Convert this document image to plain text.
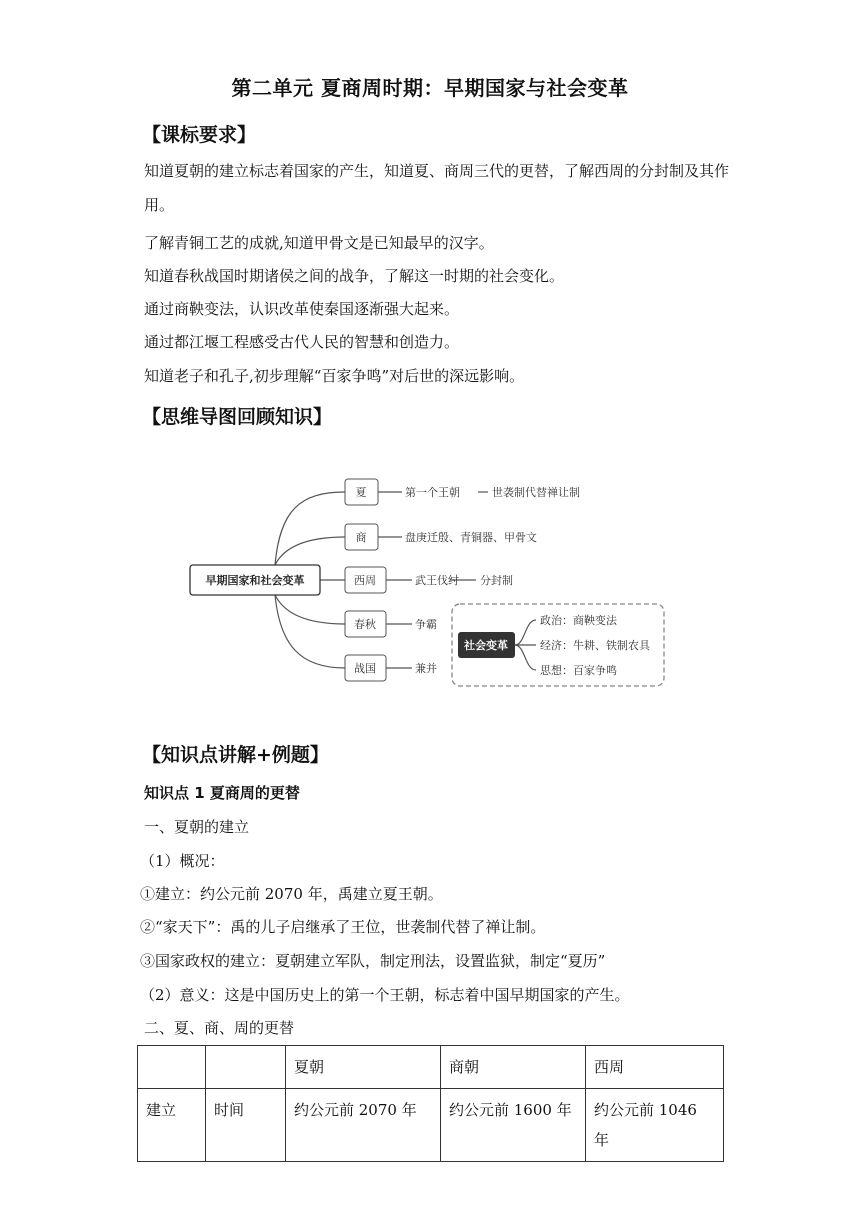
第二单元 夏商周时期：早期国家与社会变革
【课标要求】

知道夏朝的建立标志着国家的产生，知道夏、商周三代的更替，了解西周的分封制及其作用。

了解青铜工艺的成就,知道甲骨文是已知最早的汉字。
知道春秋战国时期诸侯之间的战争，了解这一时期的社会变化。
通过商鞅变法，认识改革使秦国逐渐强大起来。
通过都江堰工程感受古代人民的智慧和创造力。
知道老子和孔子,初步理解“百家争鸣”对后世的深远影响。
【思维导图回顾知识】
早期国家和社会变革
夏	第一个王朝	世袭制代替禅让制
商	盘庚迁殷、青铜器、甲骨文
西周	武王伐纣 分封制
春秋	争霸
战国	兼并
社会变革
政治：商鞅变法
经济：牛耕、铁制农具
思想：百家争鸣
【知识点讲解+例题】
知识点 1 夏商周的更替
一、夏朝的建立
（1）概况：
①建立：约公元前 2070 年，禹建立夏王朝。
②“家天下”：禹的儿子启继承了王位，世袭制代替了禅让制。
③国家政权的建立：夏朝建立军队，制定刑法，设置监狱，制定“夏历”
（2）意义：这是中国历史上的第一个王朝，标志着中国早期国家的产生。
二、夏、商、周的更替
		夏朝	商朝	西周
建立	时间	约公元前 2070 年	约公元前 1600 年	约公元前 1046 年
